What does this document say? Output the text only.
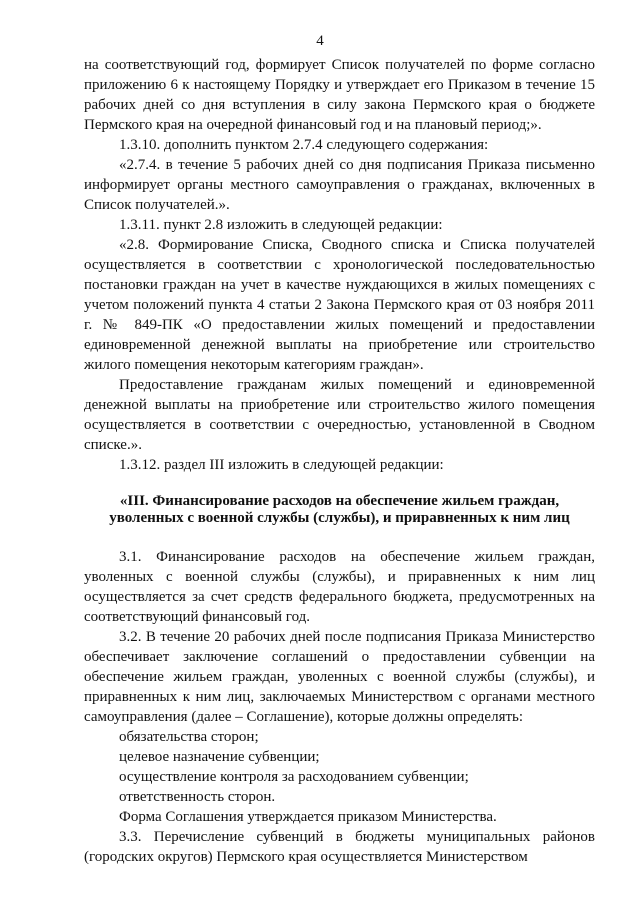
4

на соответствующий год, формирует Список получателей по форме согласно приложению 6 к настоящему Порядку и утверждает его Приказом в течение 15 рабочих дней со дня вступления в силу закона Пермского края о бюджете Пермского края на очередной финансовый год и на плановый период;».

1.3.10. дополнить пунктом 2.7.4 следующего содержания:

«2.7.4. в течение 5 рабочих дней со дня подписания Приказа письменно информирует органы местного самоуправления о гражданах, включенных в Список получателей.».

1.3.11. пункт 2.8 изложить в следующей редакции:

«2.8. Формирование Списка, Сводного списка и Списка получателей осуществляется в соответствии с хронологической последовательностью постановки граждан на учет в качестве нуждающихся в жилых помещениях с учетом положений пункта 4 статьи 2 Закона Пермского края от 03 ноября 2011 г. № 849-ПК «О предоставлении жилых помещений и предоставлении единовременной денежной выплаты на приобретение или строительство жилого помещения некоторым категориям граждан».

Предоставление гражданам жилых помещений и единовременной денежной выплаты на приобретение или строительство жилого помещения осуществляется в соответствии с очередностью, установленной в Сводном списке.».

1.3.12. раздел III изложить в следующей редакции:

«III. Финансирование расходов на обеспечение жильем граждан, уволенных с военной службы (службы), и приравненных к ним лиц

3.1. Финансирование расходов на обеспечение жильем граждан, уволенных с военной службы (службы), и приравненных к ним лиц осуществляется за счет средств федерального бюджета, предусмотренных на соответствующий финансовый год.

3.2. В течение 20 рабочих дней после подписания Приказа Министерство обеспечивает заключение соглашений о предоставлении субвенции на обеспечение жильем граждан, уволенных с военной службы (службы), и приравненных к ним лиц, заключаемых Министерством с органами местного самоуправления (далее – Соглашение), которые должны определять:

обязательства сторон;

целевое назначение субвенции;

осуществление контроля за расходованием субвенции;

ответственность сторон.

Форма Соглашения утверждается приказом Министерства.

3.3. Перечисление субвенций в бюджеты муниципальных районов (городских округов) Пермского края осуществляется Министерством
